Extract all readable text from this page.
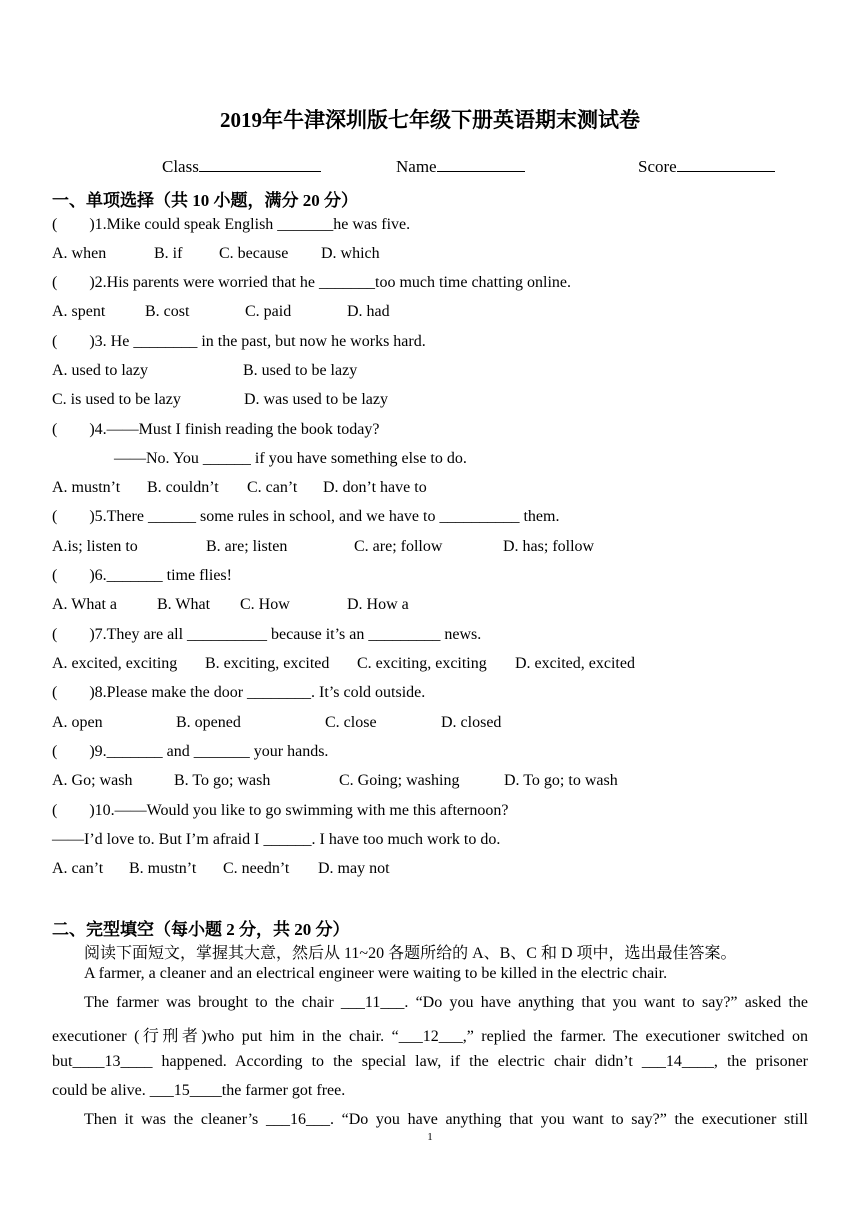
2019年牛津深圳版七年级下册英语期末测试卷
Class	Name	Score
一、单项选择（共 10 小题，满分 20 分）
(        )1.Mike could speak English _______he was five.
A. when	B. if C. because D. which
(        )2.His parents were worried that he _______too much time chatting online.
A. spent B. cost	C. paid	D. had
(        )3. He ________ in the past, but now he works hard.
A. used to lazy	B. used to be lazy
C. is used to be lazy	D. was used to be lazy
(        )4.——Must I finish reading the book today?
——No. You ______ if you have something else to do.
A. mustn’t B. couldn’t C. can’t D. don’t have to
(        )5.There ______ some rules in school, and we have to __________ them.
A.is; listen to	B. are; listen	C. are; follow	D. has; follow
(        )6._______ time flies!
A. What a B. What C. How	D. How a
(        )7.They are all __________ because it’s an _________ news.
A. excited, exciting B. exciting, excited C. exciting, exciting D. excited, excited
(        )8.Please make the door ________. It’s cold outside.
A. open	B. opened	C. close	D. closed
(        )9._______ and _______ your hands.
A. Go; wash	B. To go; wash	C. Going; washing	D. To go; to wash
(        )10.——Would you like to go swimming with me this afternoon?
——I’d love to. But I’m afraid I ______. I have too much work to do.
A. can’t B. mustn’t C. needn’t D. may not
二、完型填空（每小题 2 分，共 20 分）
阅读下面短文，掌握其大意，然后从 11~20 各题所给的 A、B、C 和 D 项中，选出最佳答案。
A farmer, a cleaner and an electrical engineer were waiting to be killed in the electric chair.
The farmer was brought to the chair ___11___. “Do you have anything that you want to say?” asked the
executioner (行刑者)who put him in the chair. “___12___,” replied the farmer. The executioner switched on
but____13____ happened. According to the special law, if the electric chair didn’t ___14____, the prisoner
could be alive. ___15____the farmer got free.
Then it was the cleaner’s ___16___. “Do you have anything that you want to say?” the executioner still
1
